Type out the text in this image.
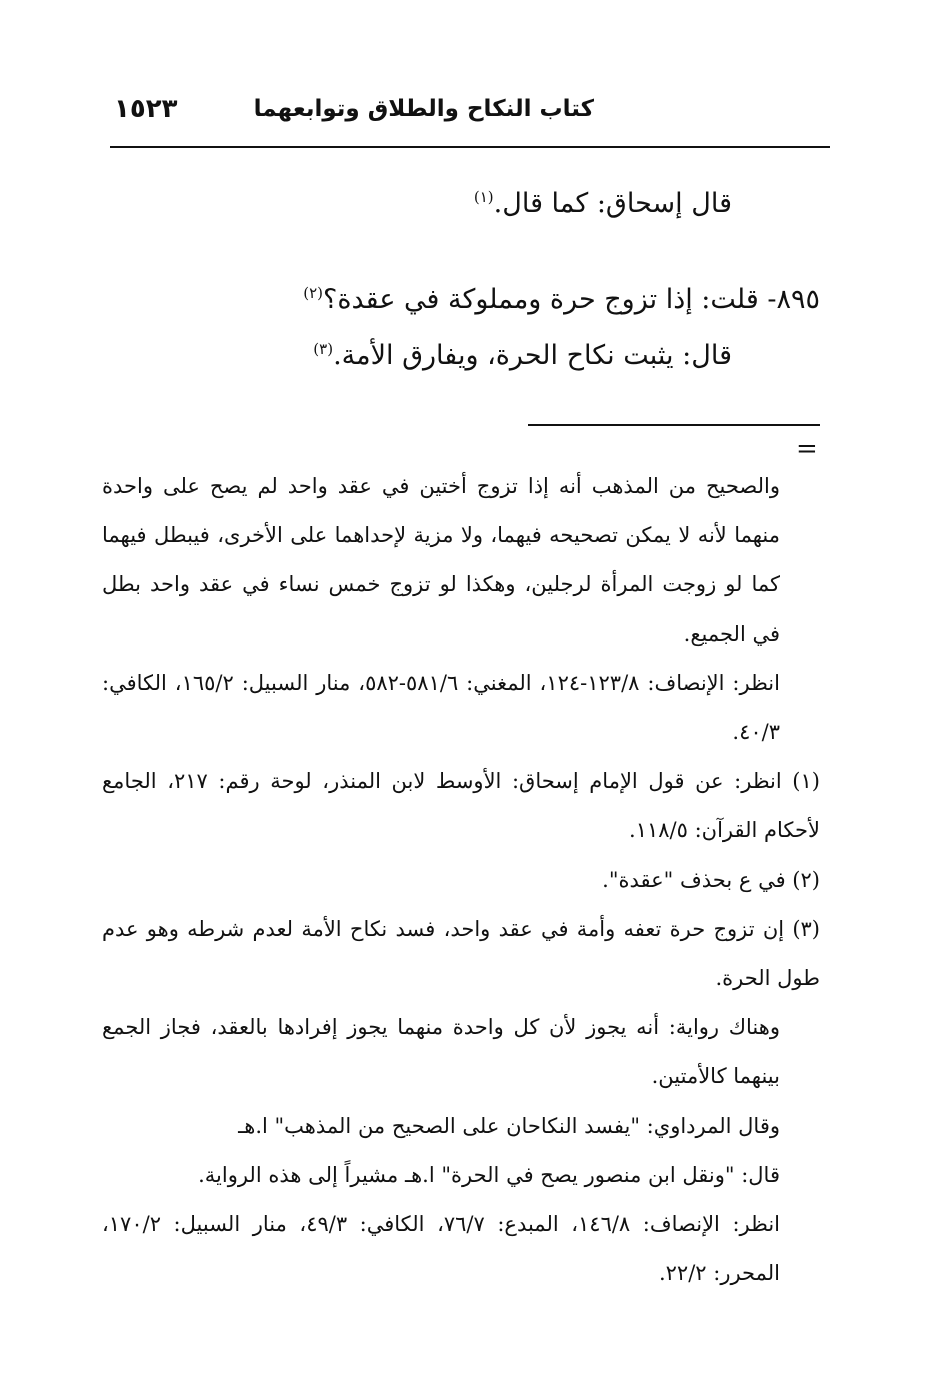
كتاب النكاح والطلاق وتوابعهما
١٥٢٣
قال إسحاق: كما قال.$^{(١)}$
٨٩٥- قلت: إذا تزوج حرة ومملوكة في عقدة؟$^{(٢)}$
قال: يثبت نكاح الحرة، ويفارق الأمة.$^{(٣)}$
=

والصحيح من المذهب أنه إذا تزوج أختين في عقد واحد لم يصح على واحدة منهما لأنه لا يمكن تصحيحه فيهما، ولا مزية لإحداهما على الأخرى، فيبطل فيهما كما لو زوجت المرأة لرجلين، وهكذا لو تزوج خمس نساء في عقد واحد بطل في الجميع.

انظر: الإنصاف: ١٢٣/٨-١٢٤، المغني: ٥٨١/٦-٥٨٢، منار السبيل: ١٦٥/٢، الكافي: ٤٠/٣.

(١) انظر: عن قول الإمام إسحاق: الأوسط لابن المنذر، لوحة رقم: ٢١٧، الجامع لأحكام القرآن: ١١٨/٥.

(٢) في ع بحذف "عقدة".

(٣) إن تزوج حرة تعفه وأمة في عقد واحد، فسد نكاح الأمة لعدم شرطه وهو عدم طول الحرة.

وهناك رواية: أنه يجوز لأن كل واحدة منهما يجوز إفرادها بالعقد، فجاز الجمع بينهما كالأمتين.

وقال المرداوي: "يفسد النكاحان على الصحيح من المذهب" ا.هـ

قال: "ونقل ابن منصور يصح في الحرة" ا.هـ مشيراً إلى هذه الرواية.

انظر: الإنصاف: ١٤٦/٨، المبدع: ٧٦/٧، الكافي: ٤٩/٣، منار السبيل: ١٧٠/٢، المحرر: ٢٢/٢.
